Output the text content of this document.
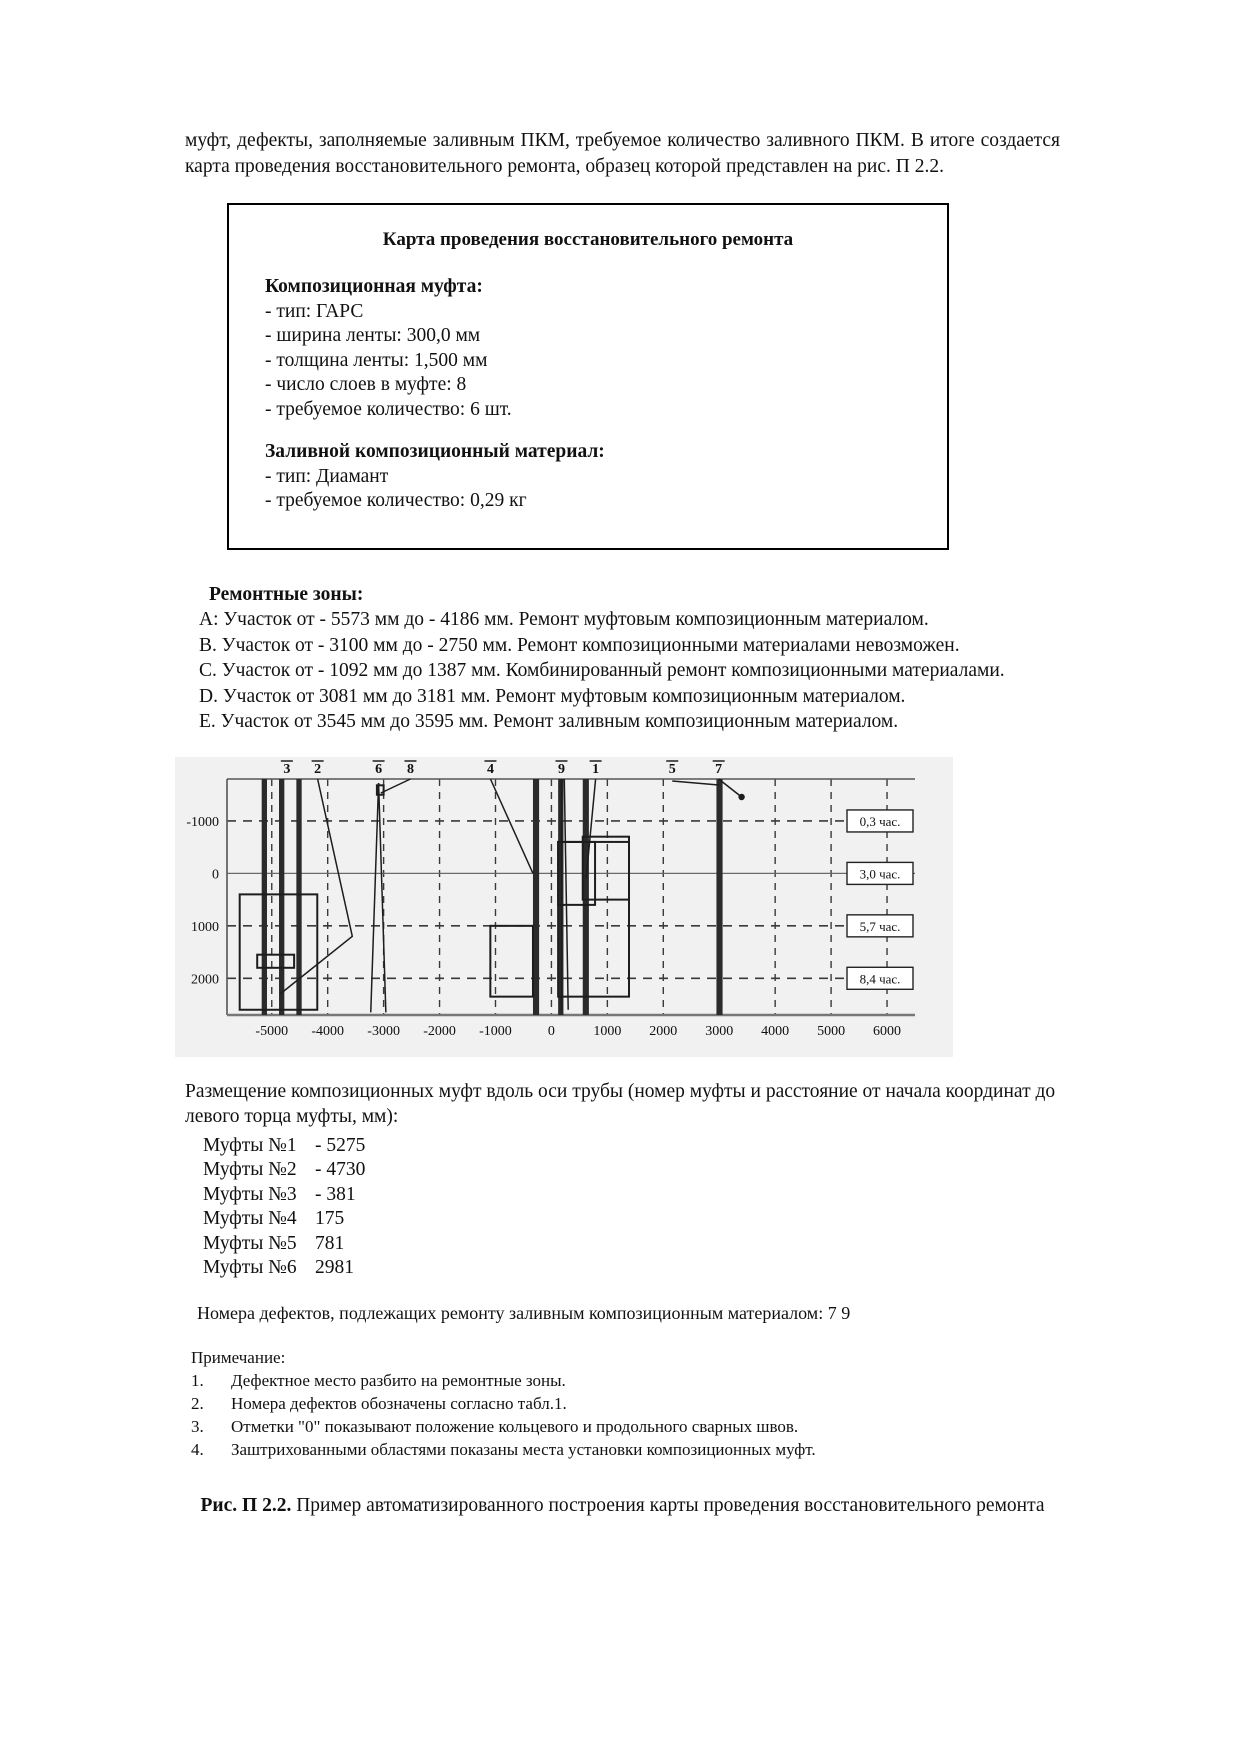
муфт, дефекты, заполняемые заливным ПКМ, требуемое количество заливного ПКМ. В итоге создается карта проведения восстановительного ремонта, образец которой представлен на рис. П 2.2.

Карта проведения восстановительного ремонта
Композиционная муфта:
- тип: ГАРС
- ширина ленты: 300,0 мм
- толщина ленты: 1,500 мм
- число слоев в муфте: 8
- требуемое количество: 6 шт.
Заливной композиционный материал:
- тип: Диамант
- требуемое количество: 0,29 кг
Ремонтные зоны:
A: Участок от - 5573 мм до - 4186 мм. Ремонт муфтовым композиционным материалом.
B. Участок от - 3100 мм до - 2750 мм. Ремонт композиционными материалами невозможен.
C. Участок от - 1092 мм до 1387 мм. Комбинированный ремонт композиционными материалами.
D. Участок от 3081 мм до 3181 мм. Ремонт муфтовым композиционным материалом.
E. Участок от 3545 мм до 3595 мм. Ремонт заливным композиционным материалом.
3 2	6 8	4	9 1	5	7
-1000
0
1000
2000
-5000 -4000 -3000 -2000 -1000	0	1000 2000 3000 4000 5000 6000
0,3 час.
3,0 час.
5,7 час.
8,4 час.
Размещение композиционных муфт вдоль оси трубы (номер муфты и расстояние от начала координат до левого торца муфты, мм):
Муфты №1 - 5275
Муфты №2 - 4730
Муфты №3 - 381
Муфты №4 175
Муфты №5 781
Муфты №6 2981
Номера дефектов, подлежащих ремонту заливным композиционным материалом: 7 9
Примечание:
1. Дефектное место разбито на ремонтные зоны.
2. Номера дефектов обозначены согласно табл.1.
3. Отметки "0" показывают положение кольцевого и продольного сварных швов.
4. Заштрихованными областями показаны места установки композиционных муфт.
Рис. П 2.2. Пример автоматизированного построения карты проведения восстановительного ремонта
